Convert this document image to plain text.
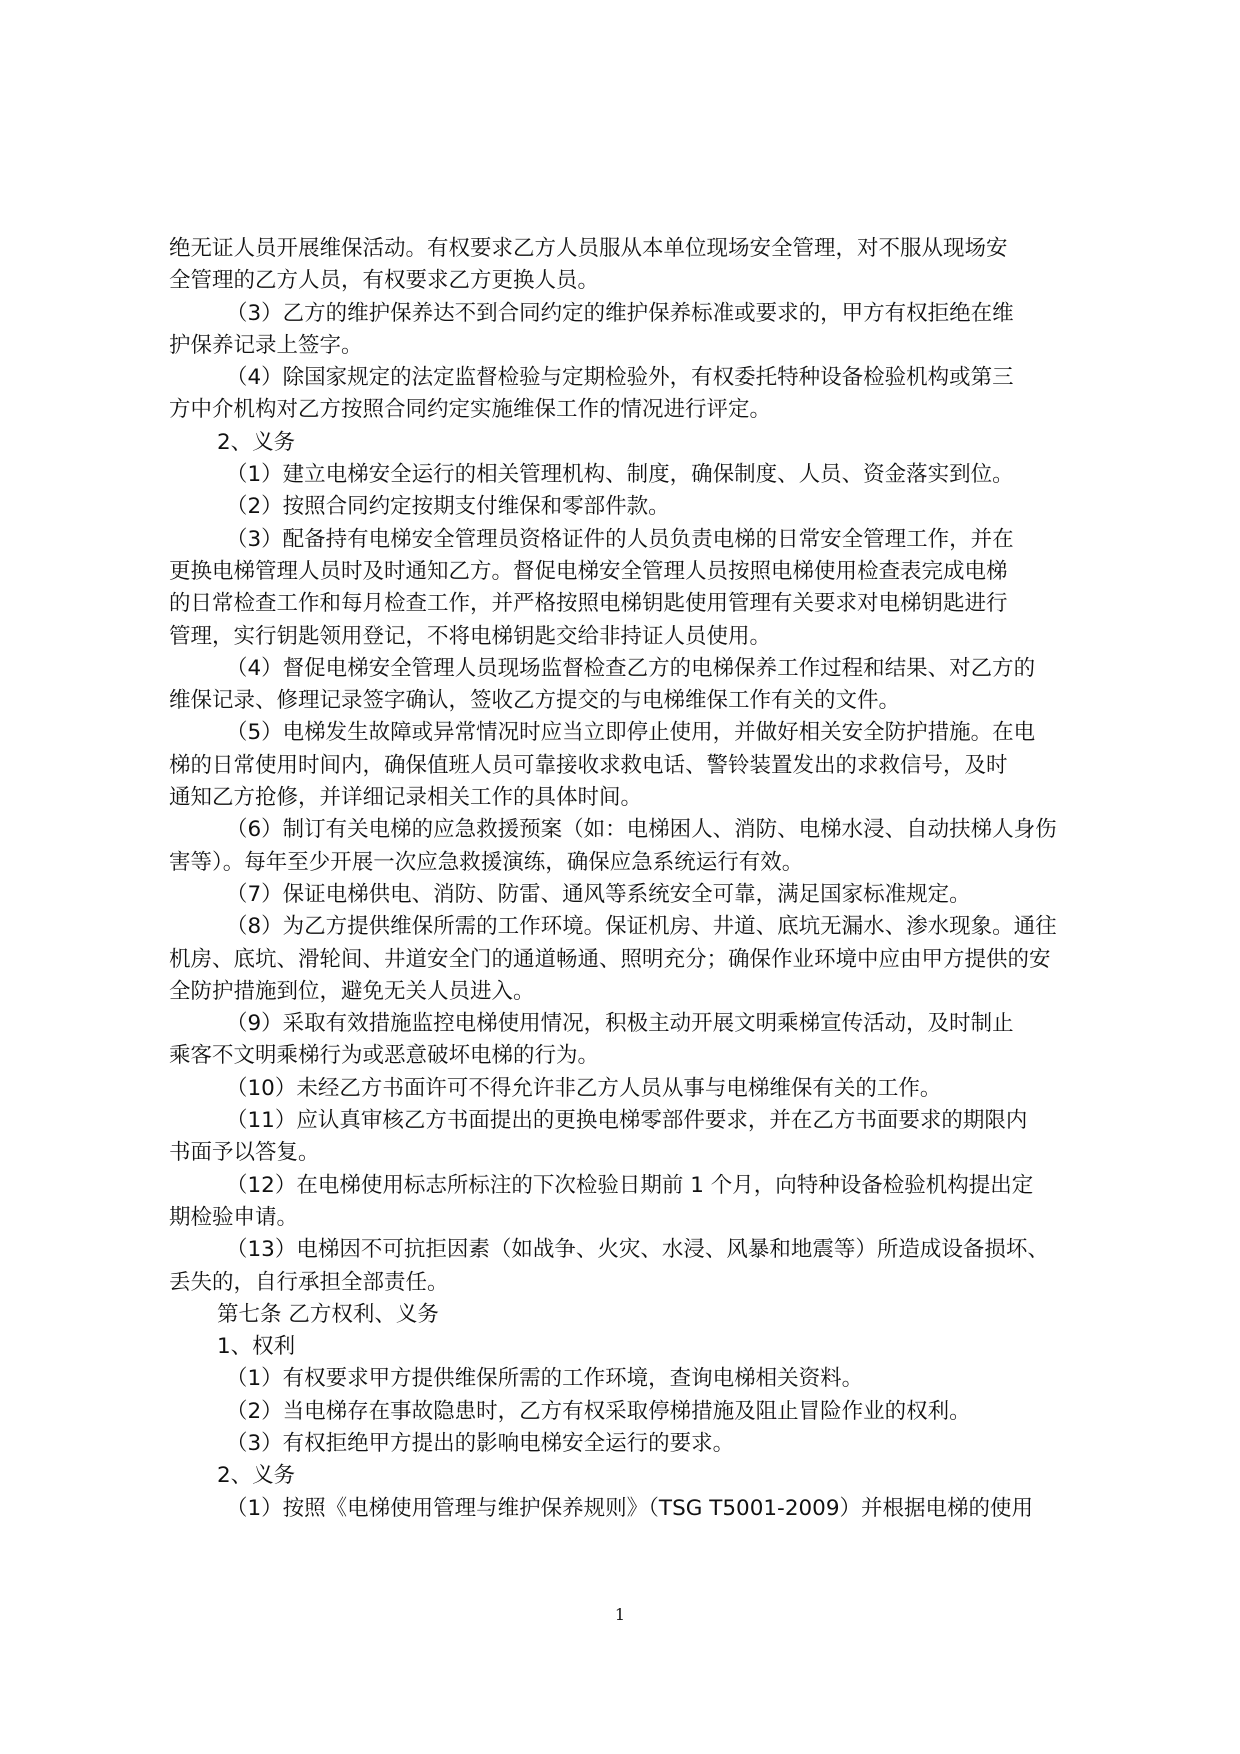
绝无证人员开展维保活动。有权要求乙方人员服从本单位现场安全管理，对不服从现场安
全管理的乙方人员，有权要求乙方更换人员。
（3）乙方的维护保养达不到合同约定的维护保养标准或要求的，甲方有权拒绝在维
护保养记录上签字。
（4）除国家规定的法定监督检验与定期检验外，有权委托特种设备检验机构或第三
方中介机构对乙方按照合同约定实施维保工作的情况进行评定。
2、义务
（1）建立电梯安全运行的相关管理机构、制度，确保制度、人员、资金落实到位。
（2）按照合同约定按期支付维保和零部件款。
（3）配备持有电梯安全管理员资格证件的人员负责电梯的日常安全管理工作，并在
更换电梯管理人员时及时通知乙方。督促电梯安全管理人员按照电梯使用检查表完成电梯
的日常检查工作和每月检查工作，并严格按照电梯钥匙使用管理有关要求对电梯钥匙进行
管理，实行钥匙领用登记，不将电梯钥匙交给非持证人员使用。
（4）督促电梯安全管理人员现场监督检查乙方的电梯保养工作过程和结果、对乙方的
维保记录、修理记录签字确认，签收乙方提交的与电梯维保工作有关的文件。
（5）电梯发生故障或异常情况时应当立即停止使用，并做好相关安全防护措施。在电
梯的日常使用时间内，确保值班人员可靠接收求救电话、警铃装置发出的求救信号，及时
通知乙方抢修，并详细记录相关工作的具体时间。
（6）制订有关电梯的应急救援预案（如：电梯困人、消防、电梯水浸、自动扶梯人身伤
害等）。每年至少开展一次应急救援演练，确保应急系统运行有效。
（7）保证电梯供电、消防、防雷、通风等系统安全可靠，满足国家标准规定。
（8）为乙方提供维保所需的工作环境。保证机房、井道、底坑无漏水、渗水现象。通往
机房、底坑、滑轮间、井道安全门的通道畅通、照明充分；确保作业环境中应由甲方提供的安
全防护措施到位，避免无关人员进入。
（9）采取有效措施监控电梯使用情况，积极主动开展文明乘梯宣传活动，及时制止
乘客不文明乘梯行为或恶意破坏电梯的行为。
（10）未经乙方书面许可不得允许非乙方人员从事与电梯维保有关的工作。
（11）应认真审核乙方书面提出的更换电梯零部件要求，并在乙方书面要求的期限内
书面予以答复。
（12）在电梯使用标志所标注的下次检验日期前 1 个月，向特种设备检验机构提出定
期检验申请。
（13）电梯因不可抗拒因素（如战争、火灾、水浸、风暴和地震等）所造成设备损坏、
丢失的，自行承担全部责任。
第七条 乙方权利、义务
1、权利
（1）有权要求甲方提供维保所需的工作环境，查询电梯相关资料。
（2）当电梯存在事故隐患时，乙方有权采取停梯措施及阻止冒险作业的权利。
（3）有权拒绝甲方提出的影响电梯安全运行的要求。
2、义务
（1）按照《电梯使用管理与维护保养规则》（TSG T5001-2009）并根据电梯的使用
1
